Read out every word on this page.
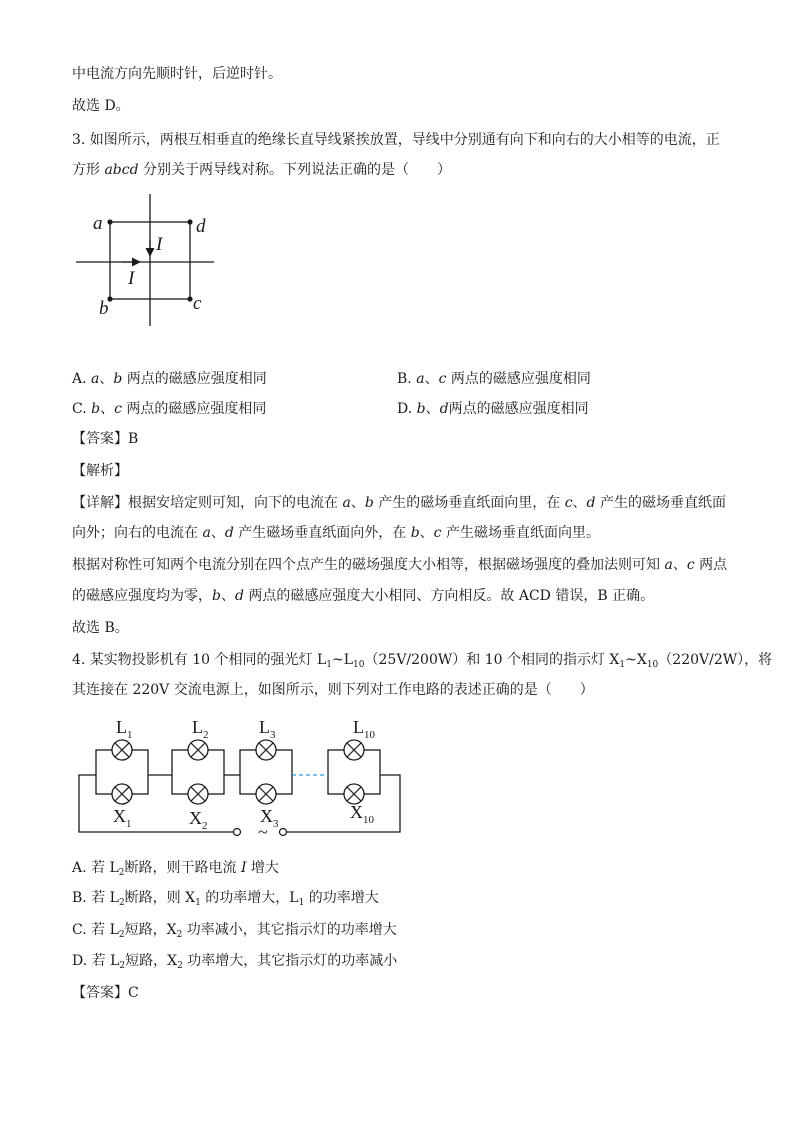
中电流方向先顺时针，后逆时针。
故选 D。
3. 如图所示，两根互相垂直的绝缘长直导线紧挨放置，导线中分别通有向下和向右的大小相等的电流，正
方形 abcd 分别关于两导线对称。下列说法正确的是（　　）
a	d
b	c
I
I
A. a、b 两点的磁感应强度相同	B. a、c 两点的磁感应强度相同
C. b、c 两点的磁感应强度相同	D. b、d两点的磁感应强度相同
【答案】B
【解析】
【详解】根据安培定则可知，向下的电流在 a、b 产生的磁场垂直纸面向里，在 c、d 产生的磁场垂直纸面
向外；向右的电流在 a、d 产生磁场垂直纸面向外，在 b、c 产生磁场垂直纸面向里。
根据对称性可知两个电流分别在四个点产生的磁场强度大小相等，根据磁场强度的叠加法则可知 a、c 两点
的磁感应强度均为零，b、d 两点的磁感应强度大小相同、方向相反。故 ACD 错误，B 正确。
故选 B。
4. 某实物投影机有 10 个相同的强光灯 $L_1\sim L_{10}(25V/200W)$和 10 个相同的指示灯 $X_1\sim X_{10}(220V/2W)$，将
其连接在 220V 交流电源上，如图所示，则下列对工作电路的表述正确的是（　　）
~
$L_1$	$L_2$	$L_3$	$L_{10}$
$X_1$	$X_2$	$X_3$
$X_{10}$
A. 若 $L_2$断路，则干路电流 I 增大
B. 若 $L_2$断路，则 $X_1$ 的功率增大，$L_1$ 的功率增大
C. 若 $L_2$短路，$X_2$ 功率减小，其它指示灯的功率增大
D. 若 $L_2$短路，$X_2$ 功率增大，其它指示灯的功率减小
【答案】C
